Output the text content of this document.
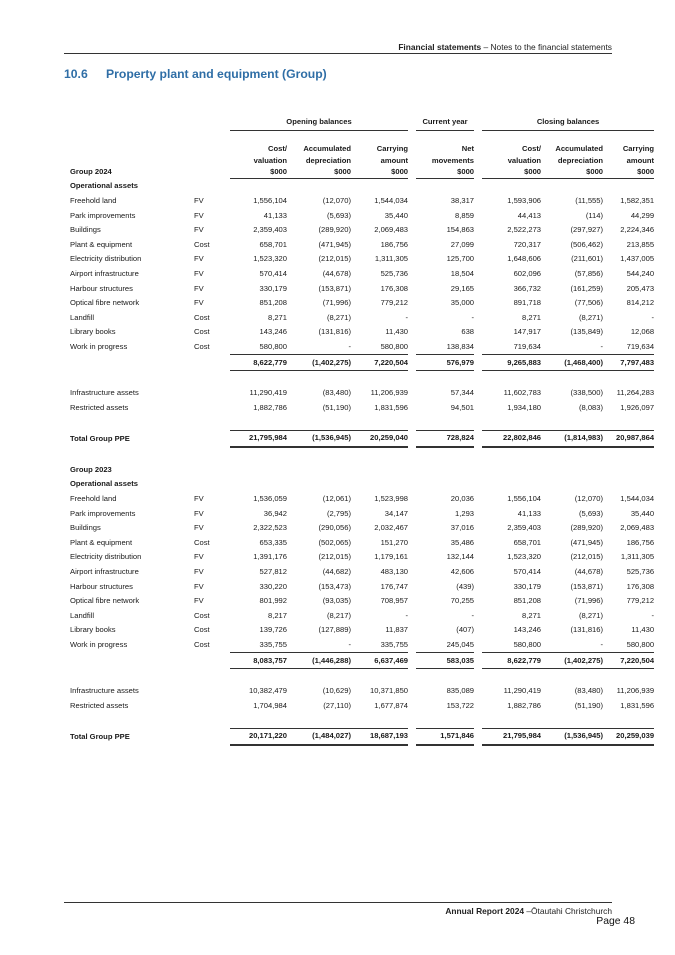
Financial statements – Notes to the financial statements
10.6 Property plant and equipment (Group)
		Opening balances				Current year		Closing balances		

		Cost/	Accumulated	Carrying		Net		Cost/	Accumulated	Carrying
		valuation	depreciation	amount		movements		valuation	depreciation	amount
Group 2024		$000	$000	$000		$000		$000	$000	$000
Operational assets										
Freehold land	FV	1,556,104	(12,070)	1,544,034		38,317		1,593,906	(11,555)	1,582,351
Park improvements	FV	41,133	(5,693)	35,440		8,859		44,413	(114)	44,299
Buildings	FV	2,359,403	(289,920)	2,069,483		154,863		2,522,273	(297,927)	2,224,346
Plant & equipment	Cost	658,701	(471,945)	186,756		27,099		720,317	(506,462)	213,855
Electricity distribution	FV	1,523,320	(212,015)	1,311,305		125,700		1,648,606	(211,601)	1,437,005
Airport infrastructure	FV	570,414	(44,678)	525,736		18,504		602,096	(57,856)	544,240
Harbour structures	FV	330,179	(153,871)	176,308		29,165		366,732	(161,259)	205,473
Optical fibre network	FV	851,208	(71,996)	779,212		35,000		891,718	(77,506)	814,212
Landfill	Cost	8,271	(8,271)	-		-		8,271	(8,271)	-
Library books	Cost	143,246	(131,816)	11,430		638		147,917	(135,849)	12,068
Work in progress	Cost	580,800	-	580,800		138,834		719,634	-	719,634
		8,622,779	(1,402,275)	7,220,504		576,979		9,265,883	(1,468,400)	7,797,483

Infrastructure assets		11,290,419	(83,480)	11,206,939		57,344		11,602,783	(338,500)	11,264,283
Restricted assets		1,882,786	(51,190)	1,831,596		94,501		1,934,180	(8,083)	1,926,097

Total Group PPE		21,795,984	(1,536,945)	20,259,040		728,824		22,802,846	(1,814,983)	20,987,864

Group 2023										
Operational assets										
Freehold land	FV	1,536,059	(12,061)	1,523,998		20,036		1,556,104	(12,070)	1,544,034
Park improvements	FV	36,942	(2,795)	34,147		1,293		41,133	(5,693)	35,440
Buildings	FV	2,322,523	(290,056)	2,032,467		37,016		2,359,403	(289,920)	2,069,483
Plant & equipment	Cost	653,335	(502,065)	151,270		35,486		658,701	(471,945)	186,756
Electricity distribution	FV	1,391,176	(212,015)	1,179,161		132,144		1,523,320	(212,015)	1,311,305
Airport infrastructure	FV	527,812	(44,682)	483,130		42,606		570,414	(44,678)	525,736
Harbour structures	FV	330,220	(153,473)	176,747		(439)		330,179	(153,871)	176,308
Optical fibre network	FV	801,992	(93,035)	708,957		70,255		851,208	(71,996)	779,212
Landfill	Cost	8,217	(8,217)	-		-		8,271	(8,271)	-
Library books	Cost	139,726	(127,889)	11,837		(407)		143,246	(131,816)	11,430
Work in progress	Cost	335,755	-	335,755		245,045		580,800	-	580,800
		8,083,757	(1,446,288)	6,637,469		583,035		8,622,779	(1,402,275)	7,220,504

Infrastructure assets		10,382,479	(10,629)	10,371,850		835,089		11,290,419	(83,480)	11,206,939
Restricted assets		1,704,984	(27,110)	1,677,874		153,722		1,882,786	(51,190)	1,831,596

Total Group PPE		20,171,220	(1,484,027)	18,687,193		1,571,846		21,795,984	(1,536,945)	20,259,039
Annual Report 2024 –Ōtautahi Christchurch
Page 48
